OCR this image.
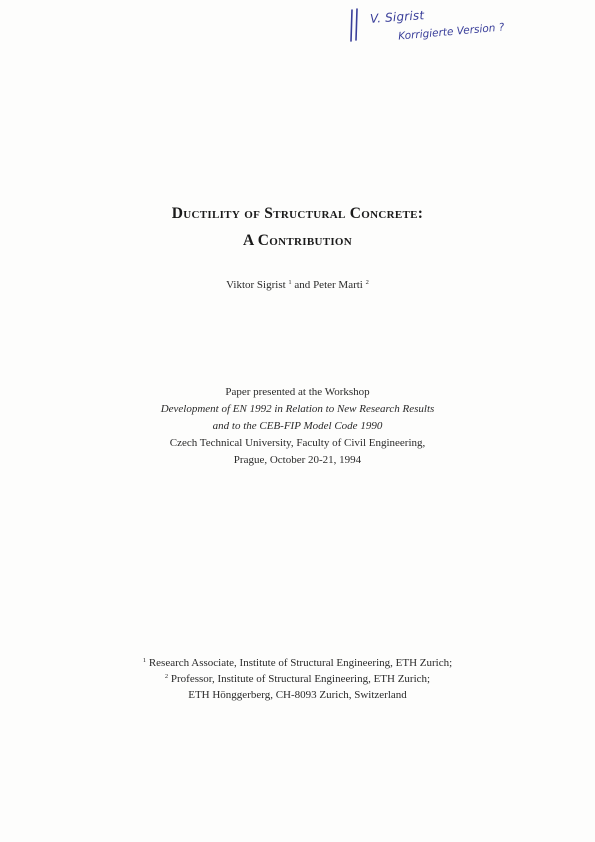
V. Sigrist
Korrigierte Version ?
Ductility of Structural Concrete:
A Contribution
Viktor Sigrist $^1$ and Peter Marti $^2$
Paper presented at the Workshop
Development of EN 1992 in Relation to New Research Results
and to the CEB-FIP Model Code 1990
Czech Technical University, Faculty of Civil Engineering,
Prague, October 20-21, 1994
$^1$ Research Associate, Institute of Structural Engineering, ETH Zurich;
$^2$ Professor, Institute of Structural Engineering, ETH Zurich;
ETH Hönggerberg, CH-8093 Zurich, Switzerland
